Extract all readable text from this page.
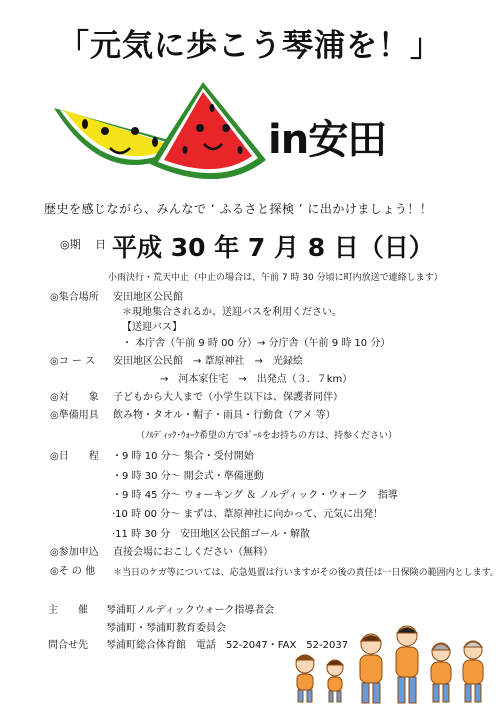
「元気に歩こう琴浦を！」
in安田
歴史を感じながら、みんなで ‘ ふるさと探検 ’ に出かけましょう！！
◎期　 日 平成 30 年 7 月 8 日（日）
小雨決行・荒天中止（中止の場合は、午前 7 時 30 分頃に町内放送で連絡します）
◎集合場所 安田地区公民館
＊現地集合されるか、送迎バスを利用ください。
【送迎バス】
・ 本庁舎（午前 9 時 00 分）→ 分庁舎（午前 9 時 10 分）
◎コ ー ス 安田地区公民館　→ 葦原神社　→　光録絵
→　河本家住宅　→　出発点（３．７km）
◎対　　象 子どもから大人まで（小学生以下は、保護者同伴）
◎準備用具 飲み物・タオル・帽子・雨具・行動食（アメ 等）
（ﾉﾙﾃﾞｨｯｸ･ｳｫｰｸ希望の方でﾎﾟｰﾙをお持ちの方は、持参ください）
◎日　　程 ・9 時 10 分～ 集合・受付開始
・9 時 30 分～ 開会式・準備運動
・9 時 45 分～ ウォーキング ＆ ノルディック・ウォーク　指導
·10 時 00 分～ まずは、葦原神社に向かって、元気に出発！
·11 時 30 分　安田地区公民館ゴール・解散
◎参加申込 直接会場におこしください（無料）
◎そ の 他 ＊当日のケガ等については、応急処置は行いますがその後の責任は一日保険の範囲内とします。
主　　催 琴浦町ノルディックウォーク指導者会
琴浦町・琴浦町教育委員会
問合せ先 琴浦町総合体育館　電話　52-2047・FAX　52-2037
